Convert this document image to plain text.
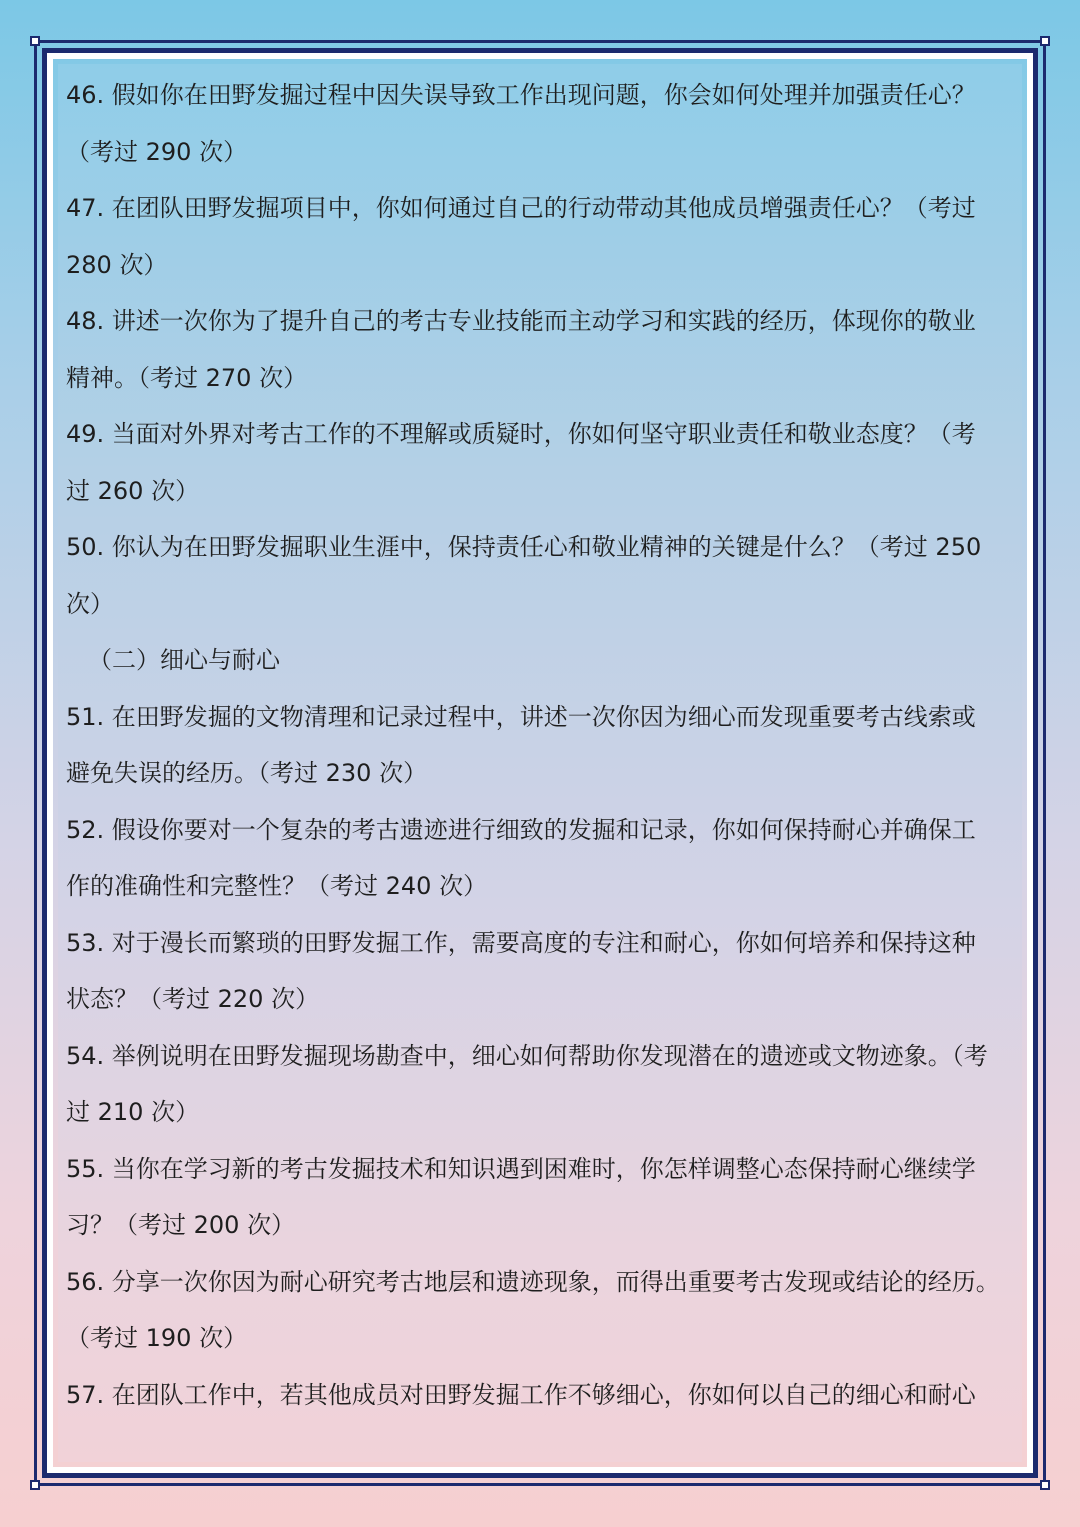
46. 假如你在田野发掘过程中因失误导致工作出现问题，你会如何处理并加强责任心？
（考过 290 次）
47. 在团队田野发掘项目中，你如何通过自己的行动带动其他成员增强责任心？（考过
280 次）
48. 讲述一次你为了提升自己的考古专业技能而主动学习和实践的经历，体现你的敬业
精神。（考过 270 次）
49. 当面对外界对考古工作的不理解或质疑时，你如何坚守职业责任和敬业态度？（考
过 260 次）
50. 你认为在田野发掘职业生涯中，保持责任心和敬业精神的关键是什么？（考过 250
次）
（二）细心与耐心
51. 在田野发掘的文物清理和记录过程中，讲述一次你因为细心而发现重要考古线索或
避免失误的经历。（考过 230 次）
52. 假设你要对一个复杂的考古遗迹进行细致的发掘和记录，你如何保持耐心并确保工
作的准确性和完整性？（考过 240 次）
53. 对于漫长而繁琐的田野发掘工作，需要高度的专注和耐心，你如何培养和保持这种
状态？（考过 220 次）
54. 举例说明在田野发掘现场勘查中，细心如何帮助你发现潜在的遗迹或文物迹象。（考
过 210 次）
55. 当你在学习新的考古发掘技术和知识遇到困难时，你怎样调整心态保持耐心继续学
习？（考过 200 次）
56. 分享一次你因为耐心研究考古地层和遗迹现象，而得出重要考古发现或结论的经历。
（考过 190 次）
57. 在团队工作中，若其他成员对田野发掘工作不够细心，你如何以自己的细心和耐心
